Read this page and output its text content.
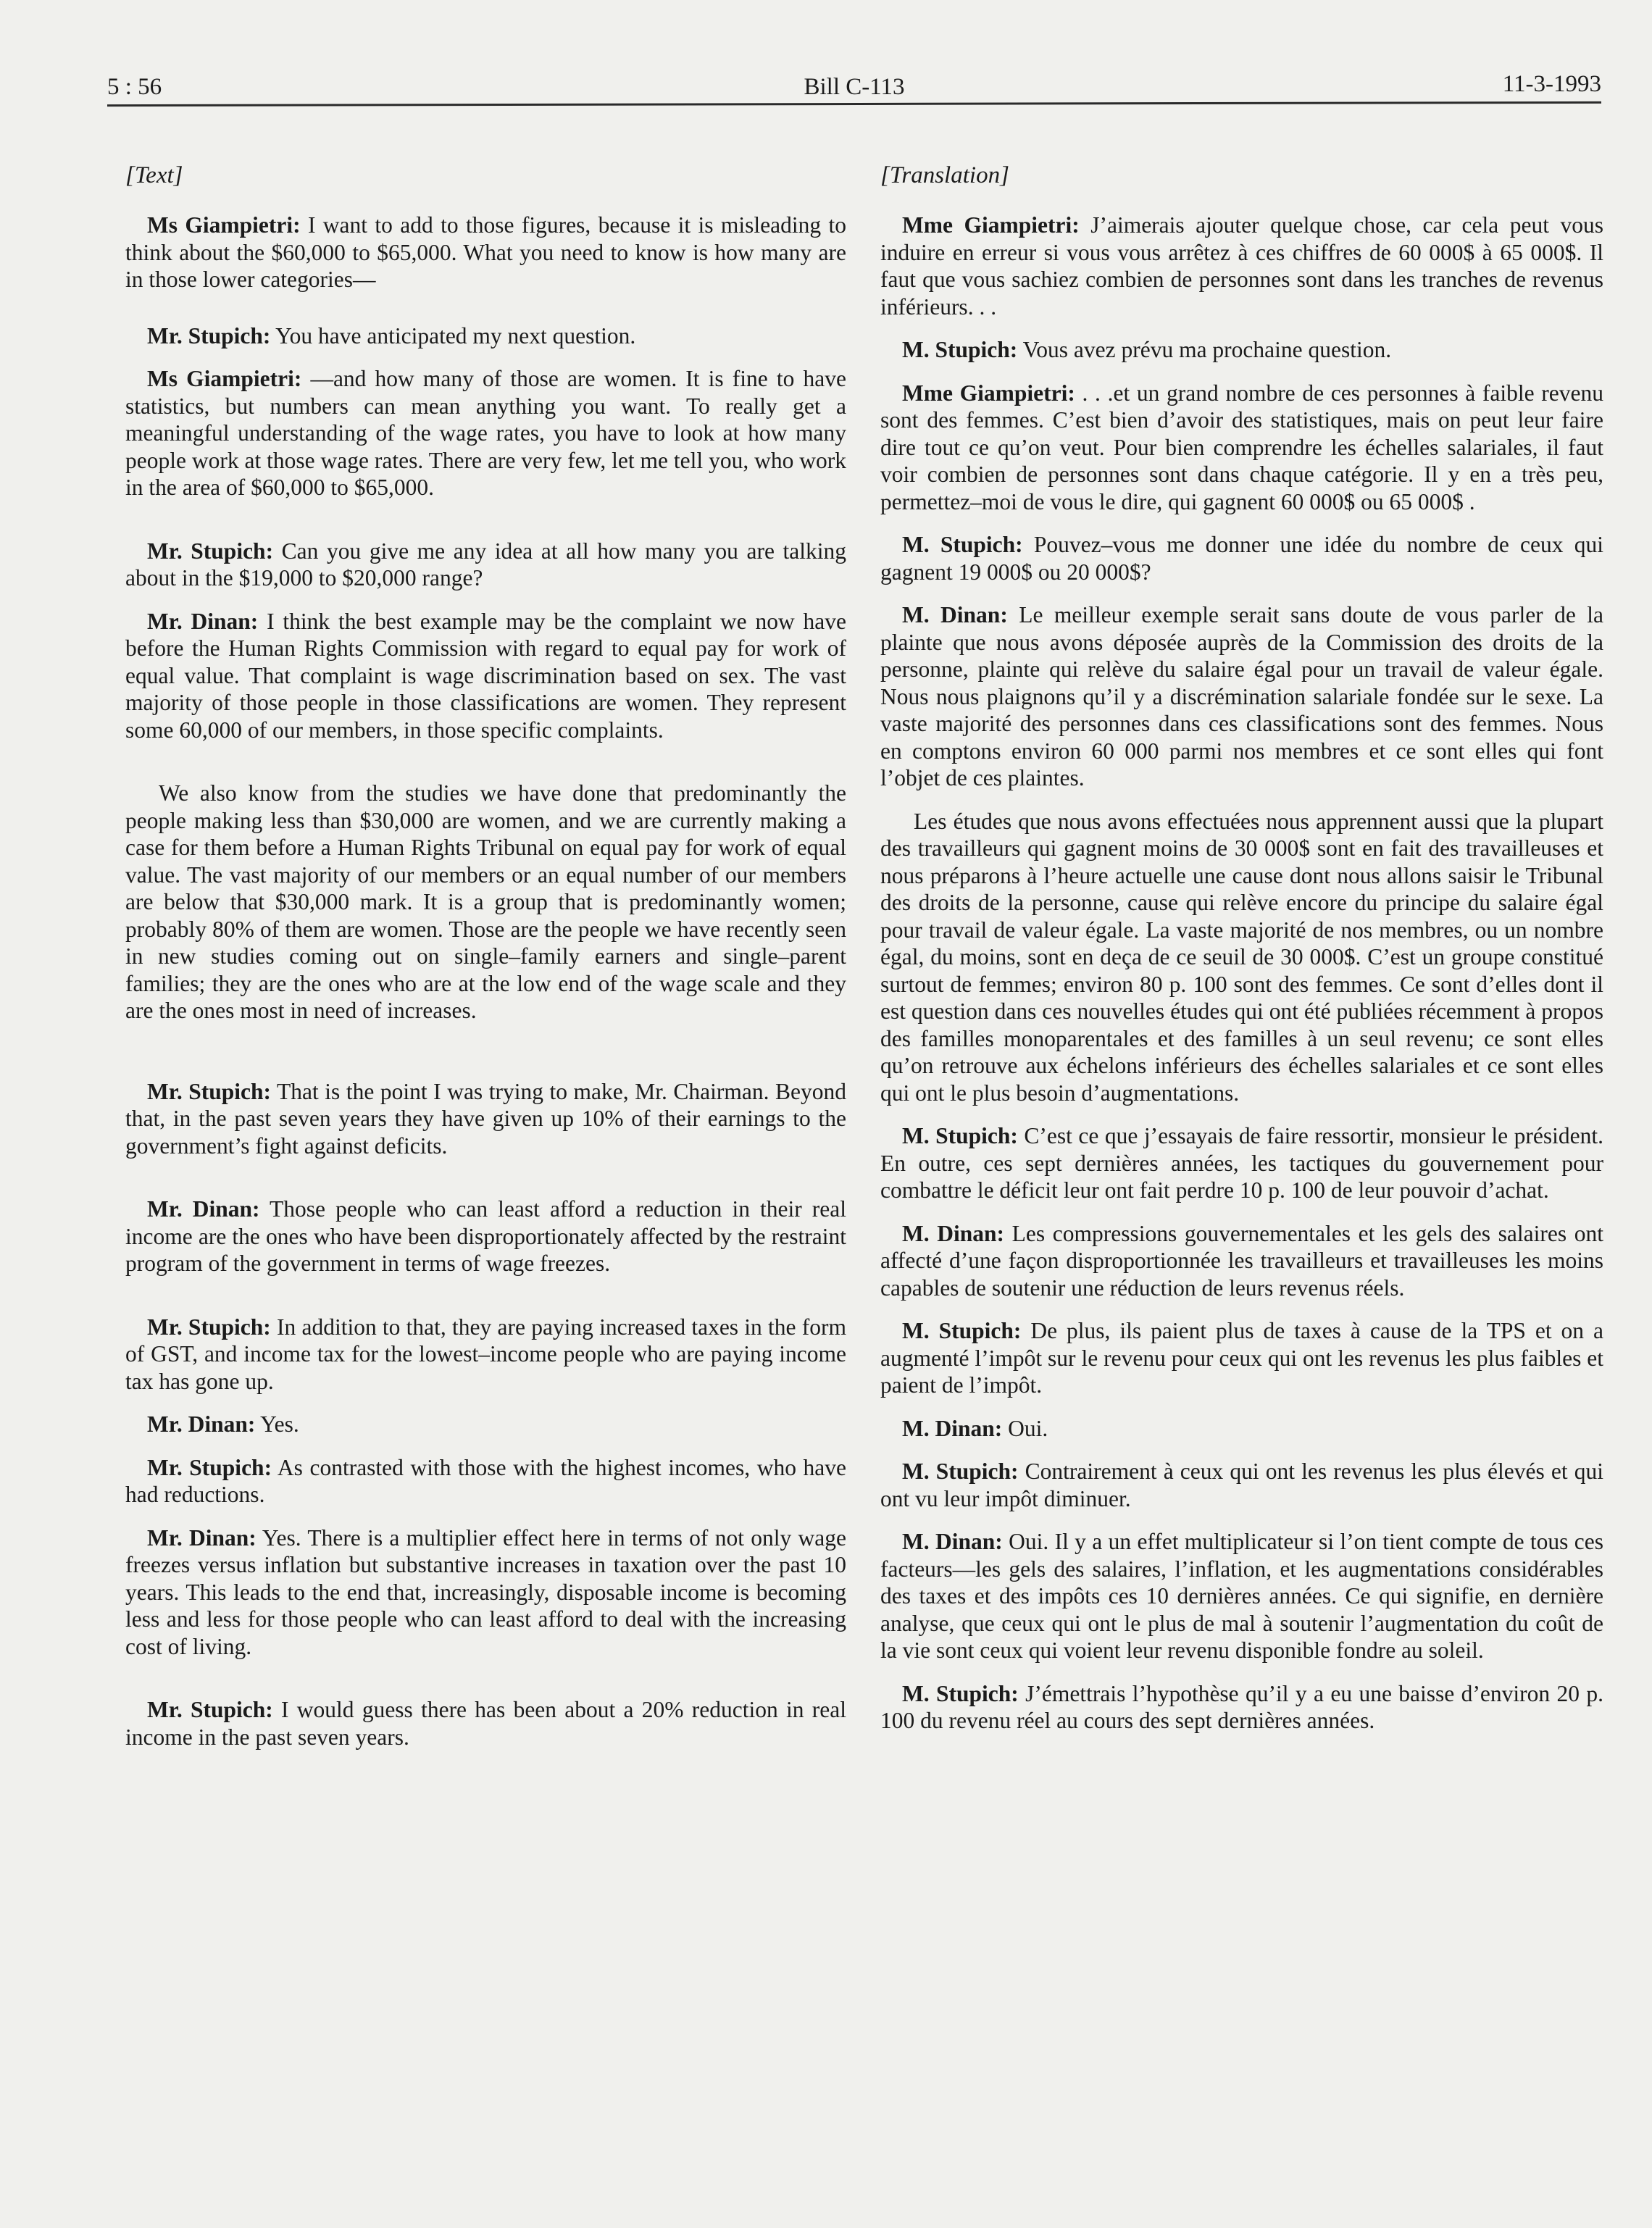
5 : 56	Bill C-113	11-3-1993
[Text]

Ms Giampietri: I want to add to those figures, because it is misleading to think about the $60,000 to $65,000. What you need to know is how many are in those lower categories—

Mr. Stupich: You have anticipated my next question.

Ms Giampietri: —and how many of those are women. It is fine to have statistics, but numbers can mean anything you want. To really get a meaningful understanding of the wage rates, you have to look at how many people work at those wage rates. There are very few, let me tell you, who work in the area of $60,000 to $65,000.

Mr. Stupich: Can you give me any idea at all how many you are talking about in the $19,000 to $20,000 range?

Mr. Dinan: I think the best example may be the complaint we now have before the Human Rights Commission with regard to equal pay for work of equal value. That complaint is wage discrimination based on sex. The vast majority of those people in those classifications are women. They represent some 60,000 of our members, in those specific complaints.

We also know from the studies we have done that predominantly the people making less than $30,000 are women, and we are currently making a case for them before a Human Rights Tribunal on equal pay for work of equal value. The vast majority of our members or an equal number of our members are below that $30,000 mark. It is a group that is predominantly women; probably 80% of them are women. Those are the people we have recently seen in new studies coming out on single–family earners and single–parent families; they are the ones who are at the low end of the wage scale and they are the ones most in need of increases.

Mr. Stupich: That is the point I was trying to make, Mr. Chairman. Beyond that, in the past seven years they have given up 10% of their earnings to the government’s fight against deficits.

Mr. Dinan: Those people who can least afford a reduction in their real income are the ones who have been disproportionately affected by the restraint program of the government in terms of wage freezes.

Mr. Stupich: In addition to that, they are paying increased taxes in the form of GST, and income tax for the lowest–income people who are paying income tax has gone up.

Mr. Dinan: Yes.

Mr. Stupich: As contrasted with those with the highest incomes, who have had reductions.

Mr. Dinan: Yes. There is a multiplier effect here in terms of not only wage freezes versus inflation but substantive increases in taxation over the past 10 years. This leads to the end that, increasingly, disposable income is becoming less and less for those people who can least afford to deal with the increasing cost of living.

Mr. Stupich: I would guess there has been about a 20% reduction in real income in the past seven years.

[Translation]

Mme Giampietri: J’aimerais ajouter quelque chose, car cela peut vous induire en erreur si vous vous arrêtez à ces chiffres de 60 000$ à 65 000$. Il faut que vous sachiez combien de personnes sont dans les tranches de revenus inférieurs. . .

M. Stupich: Vous avez prévu ma prochaine question.

Mme Giampietri: . . .et un grand nombre de ces personnes à faible revenu sont des femmes. C’est bien d’avoir des statistiques, mais on peut leur faire dire tout ce qu’on veut. Pour bien comprendre les échelles salariales, il faut voir combien de personnes sont dans chaque catégorie. Il y en a très peu, permettez–moi de vous le dire, qui gagnent 60 000$ ou 65 000$ .

M. Stupich: Pouvez–vous me donner une idée du nombre de ceux qui gagnent 19 000$ ou 20 000$?

M. Dinan: Le meilleur exemple serait sans doute de vous parler de la plainte que nous avons déposée auprès de la Commission des droits de la personne, plainte qui relève du salaire égal pour un travail de valeur égale. Nous nous plaignons qu’il y a discrémination salariale fondée sur le sexe. La vaste majorité des personnes dans ces classifications sont des femmes. Nous en comptons environ 60 000 parmi nos membres et ce sont elles qui font l’objet de ces plaintes.

Les études que nous avons effectuées nous apprennent aussi que la plupart des travailleurs qui gagnent moins de 30 000$ sont en fait des travailleuses et nous préparons à l’heure actuelle une cause dont nous allons saisir le Tribunal des droits de la personne, cause qui relève encore du principe du salaire égal pour travail de valeur égale. La vaste majorité de nos membres, ou un nombre égal, du moins, sont en deça de ce seuil de 30 000$. C’est un groupe constitué surtout de femmes; environ 80 p. 100 sont des femmes. Ce sont d’elles dont il est question dans ces nouvelles études qui ont été publiées récemment à propos des familles monoparentales et des familles à un seul revenu; ce sont elles qu’on retrouve aux échelons inférieurs des échelles salariales et ce sont elles qui ont le plus besoin d’augmentations.

M. Stupich: C’est ce que j’essayais de faire ressortir, monsieur le président. En outre, ces sept dernières années, les tactiques du gouvernement pour combattre le déficit leur ont fait perdre 10 p. 100 de leur pouvoir d’achat.

M. Dinan: Les compressions gouvernementales et les gels des salaires ont affecté d’une façon disproportionnée les travailleurs et travailleuses les moins capables de soutenir une réduction de leurs revenus réels.

M. Stupich: De plus, ils paient plus de taxes à cause de la TPS et on a augmenté l’impôt sur le revenu pour ceux qui ont les revenus les plus faibles et paient de l’impôt.

M. Dinan: Oui.

M. Stupich: Contrairement à ceux qui ont les revenus les plus élevés et qui ont vu leur impôt diminuer.

M. Dinan: Oui. Il y a un effet multiplicateur si l’on tient compte de tous ces facteurs—les gels des salaires, l’inflation, et les augmentations considérables des taxes et des impôts ces 10 dernières années. Ce qui signifie, en dernière analyse, que ceux qui ont le plus de mal à soutenir l’augmentation du coût de la vie sont ceux qui voient leur revenu disponible fondre au soleil.

M. Stupich: J’émettrais l’hypothèse qu’il y a eu une baisse d’environ 20 p. 100 du revenu réel au cours des sept dernières années.
